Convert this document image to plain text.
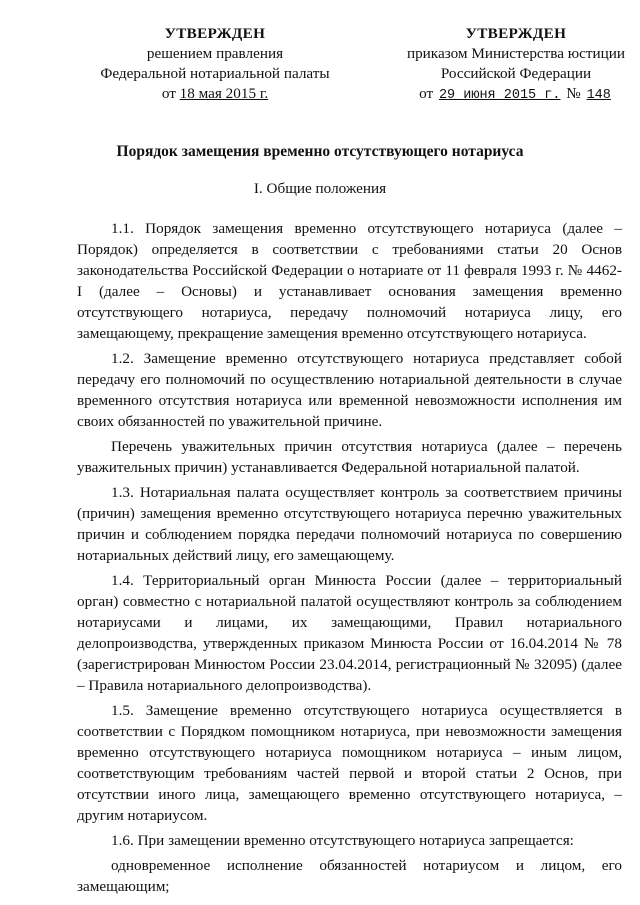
УТВЕРЖДЕН
решением правления
Федеральной нотариальной палаты
от 18 мая 2015 г.
УТВЕРЖДЕН
приказом Министерства юстиции
Российской Федерации
от 29 июня 2015 г. № 148
Порядок замещения временно отсутствующего нотариуса
I. Общие положения

1.1. Порядок замещения временно отсутствующего нотариуса (далее – Порядок) определяется в соответствии с требованиями статьи 20 Основ законодательства Российской Федерации о нотариате от 11 февраля 1993 г. № 4462-I (далее – Основы) и устанавливает основания замещения временно отсутствующего нотариуса, передачу полномочий нотариуса лицу, его замещающему, прекращение замещения временно отсутствующего нотариуса.

1.2. Замещение временно отсутствующего нотариуса представляет собой передачу его полномочий по осуществлению нотариальной деятельности в случае временного отсутствия нотариуса или временной невозможности исполнения им своих обязанностей по уважительной причине.

Перечень уважительных причин отсутствия нотариуса (далее – перечень уважительных причин) устанавливается Федеральной нотариальной палатой.

1.3. Нотариальная палата осуществляет контроль за соответствием причины (причин) замещения временно отсутствующего нотариуса перечню уважительных причин и соблюдением порядка передачи полномочий нотариуса по совершению нотариальных действий лицу, его замещающему.

1.4. Территориальный орган Минюста России (далее – территориальный орган) совместно с нотариальной палатой осуществляют контроль за соблюдением нотариусами и лицами, их замещающими, Правил нотариального делопроизводства, утвержденных приказом Минюста России от 16.04.2014 № 78 (зарегистрирован Минюстом России 23.04.2014, регистрационный № 32095) (далее – Правила нотариального делопроизводства).

1.5. Замещение временно отсутствующего нотариуса осуществляется в соответствии с Порядком помощником нотариуса, при невозможности замещения временно отсутствующего нотариуса помощником нотариуса – иным лицом, соответствующим требованиям частей первой и второй статьи 2 Основ, при отсутствии иного лица, замещающего временно отсутствующего нотариуса, – другим нотариусом.

1.6. При замещении временно отсутствующего нотариуса запрещается:

одновременное исполнение обязанностей нотариусом и лицом, его замещающим;
